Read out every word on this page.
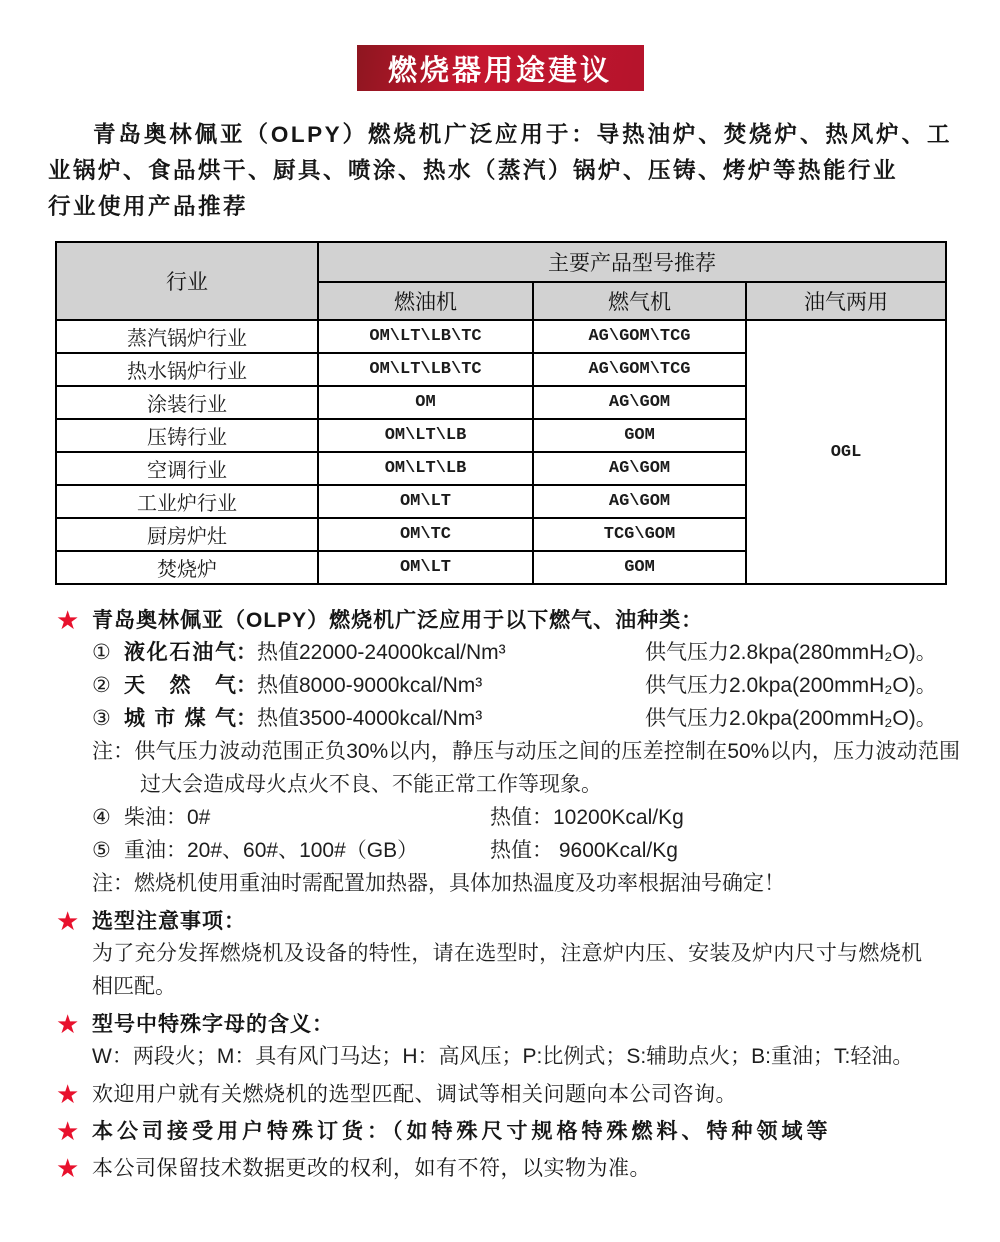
燃烧器用途建议

青岛奥林佩亚（OLPY）燃烧机广泛应用于：导热油炉、焚烧炉、热风炉、工业锅炉、食品烘干、厨具、喷涂、热水（蒸汽）锅炉、压铸、烤炉等热能行业

行业使用产品推荐

行业	主要产品型号推荐		
	燃油机	燃气机	油气两用
蒸汽锅炉行业	OM\LT\LB\TC	AG\GOM\TCG	OGL
热水锅炉行业	OM\LT\LB\TC	AG\GOM\TCG	
涂装行业	OM	AG\GOM	
压铸行业	OM\LT\LB	GOM	
空调行业	OM\LT\LB	AG\GOM	
工业炉行业	OM\LT	AG\GOM	
厨房炉灶	OM\TC	TCG\GOM	
焚烧炉	OM\LT	GOM	
★ 青岛奥林佩亚（OLPY）燃烧机广泛应用于以下燃气、油种类：
① 液化石油气：热值22000-24000kcal/Nm³	供气压力2.8kpa(280mmH₂O)。
② 天然气：热值8000-9000kcal/Nm³	供气压力2.0kpa(200mmH₂O)。
③ 城市煤气：热值3500-4000kcal/Nm³	供气压力2.0kpa(200mmH₂O)。
注：供气压力波动范围正负30%以内，静压与动压之间的压差控制在50%以内，压力波动范围过大会造成母火点火不良、不能正常工作等现象。
④ 柴油：0#	热值：10200Kcal/Kg
⑤ 重油：20#、60#、100#（GB）	热值： 9600Kcal/Kg
注：燃烧机使用重油时需配置加热器，具体加热温度及功率根据油号确定！
★ 选型注意事项：
为了充分发挥燃烧机及设备的特性，请在选型时，注意炉内压、安装及炉内尺寸与燃烧机相匹配。
★ 型号中特殊字母的含义：
W：两段火；M：具有风门马达；H：高风压；P:比例式；S:辅助点火；B:重油；T:轻油。
★ 欢迎用户就有关燃烧机的选型匹配、调试等相关问题向本公司咨询。
★ 本公司接受用户特殊订货：（如特殊尺寸规格特殊燃料、特种领域等
★ 本公司保留技术数据更改的权利，如有不符，以实物为准。
